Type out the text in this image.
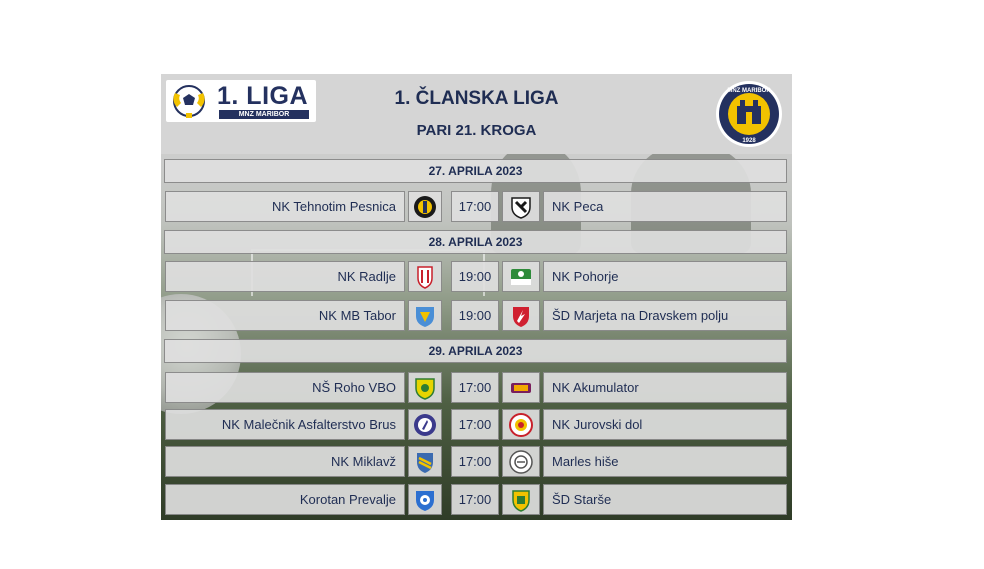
1. LIGA
MNZ MARIBOR
1. ČLANSKA LIGA
PARI 21. KROGA
MNZ MARIBOR
1928
27. APRILA 2023
NK Tehnotim Pesnica	17:00	NK Peca
28. APRILA 2023
NK Radlje	19:00	NK Pohorje
NK MB Tabor	19:00	ŠD Marjeta na Dravskem polju
29. APRILA 2023
NŠ Roho VBO	17:00	NK Akumulator
NK Malečnik Asfalterstvo Brus	17:00	NK Jurovski dol
NK Miklavž	17:00	Marles hiše
Korotan Prevalje	17:00	ŠD Starše
